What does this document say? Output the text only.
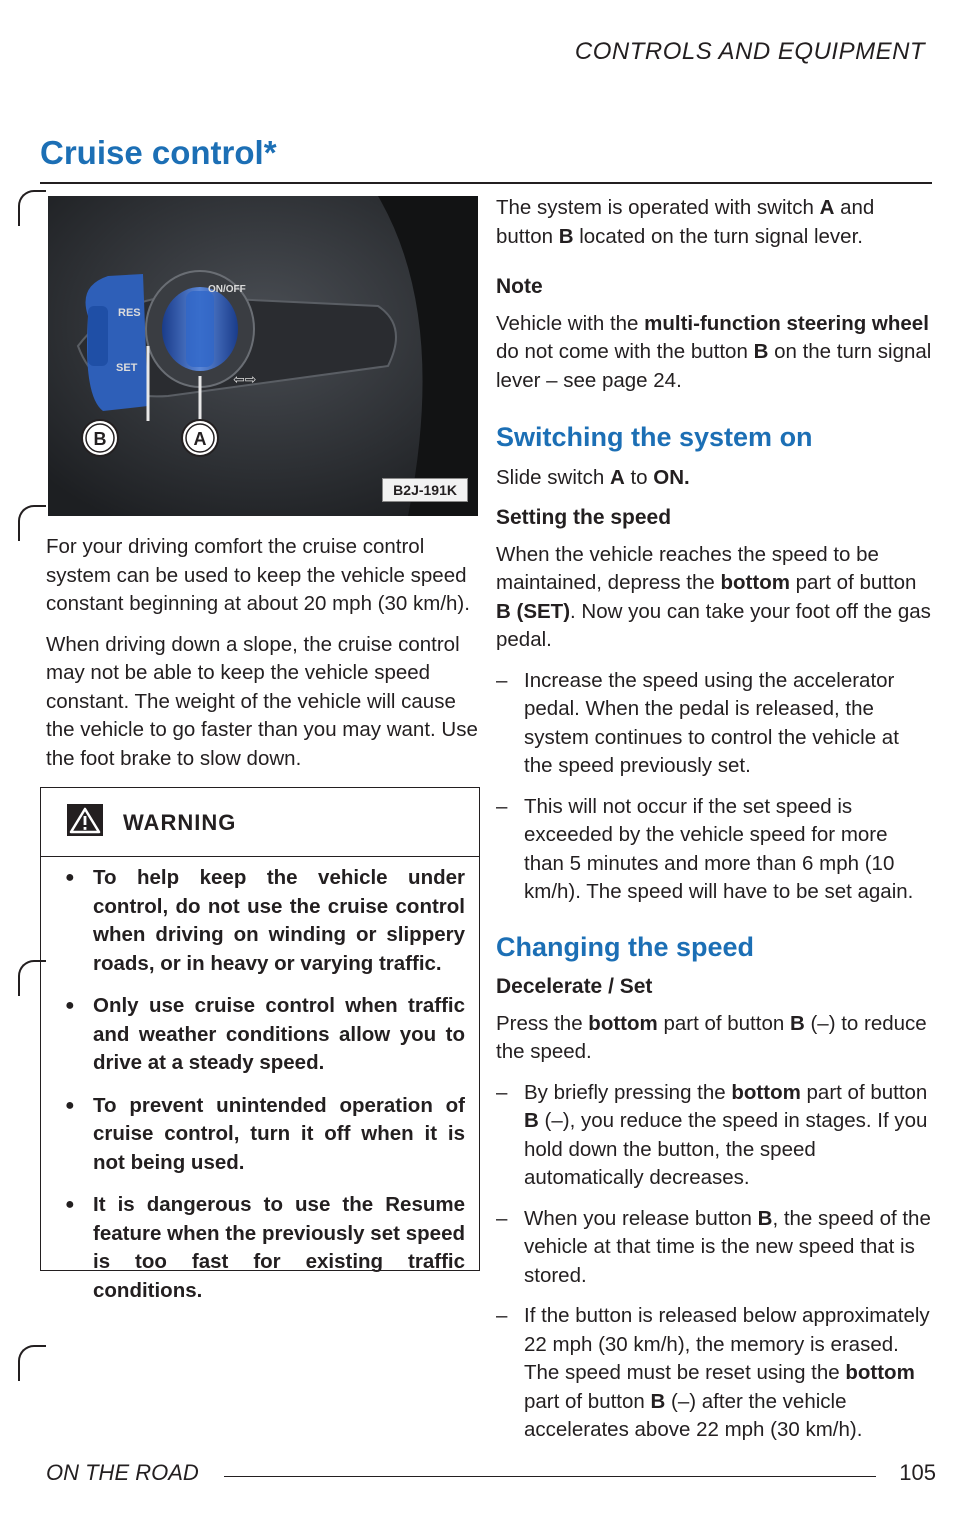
CONTROLS AND EQUIPMENT
Cruise control*
RES
SET
ON/OFF
⇦⇨
B	A
B2J-191K

For your driving comfort the cruise control system can be used to keep the vehicle speed constant beginning at about 20 mph (30 km/h).

When driving down a slope, the cruise control may not be able to keep the vehicle speed constant. The weight of the vehicle will cause the vehicle to go faster than you may want. Use the foot brake to slow down.

WARNING
● To help keep the vehicle under control, do not use the cruise control when driving on winding or slippery roads, or in heavy or varying traffic.
● Only use cruise control when traffic and weather conditions allow you to drive at a steady speed.
● To prevent unintended operation of cruise control, turn it off when it is not being used.
● It is dangerous to use the Resume feature when the previously set speed is too fast for existing traffic conditions.

The system is operated with switch A and button B located on the turn signal lever.

Note

Vehicle with the multi-function steering wheel do not come with the button B on the turn signal lever – see page 24.

Switching the system on

Slide switch A to ON.

Setting the speed

When the vehicle reaches the speed to be maintained, depress the bottom part of button B (SET). Now you can take your foot off the gas pedal.

– Increase the speed using the accelerator pedal. When the pedal is released, the system continues to control the vehicle at the speed previously set.
– This will not occur if the set speed is exceeded by the vehicle speed for more than 5 minutes and more than 6 mph (10 km/h). The speed will have to be set again.
Changing the speed
Decelerate / Set

Press the bottom part of button B (–) to reduce the speed.

– By briefly pressing the bottom part of button B (–), you reduce the speed in stages. If you hold down the button, the speed automatically decreases.
– When you release button B, the speed of the vehicle at that time is the new speed that is stored.
– If the button is released below approximately 22 mph (30 km/h), the memory is erased. The speed must be reset using the bottom part of button B (–) after the vehicle accelerates above 22 mph (30 km/h).
ON THE ROAD	105
